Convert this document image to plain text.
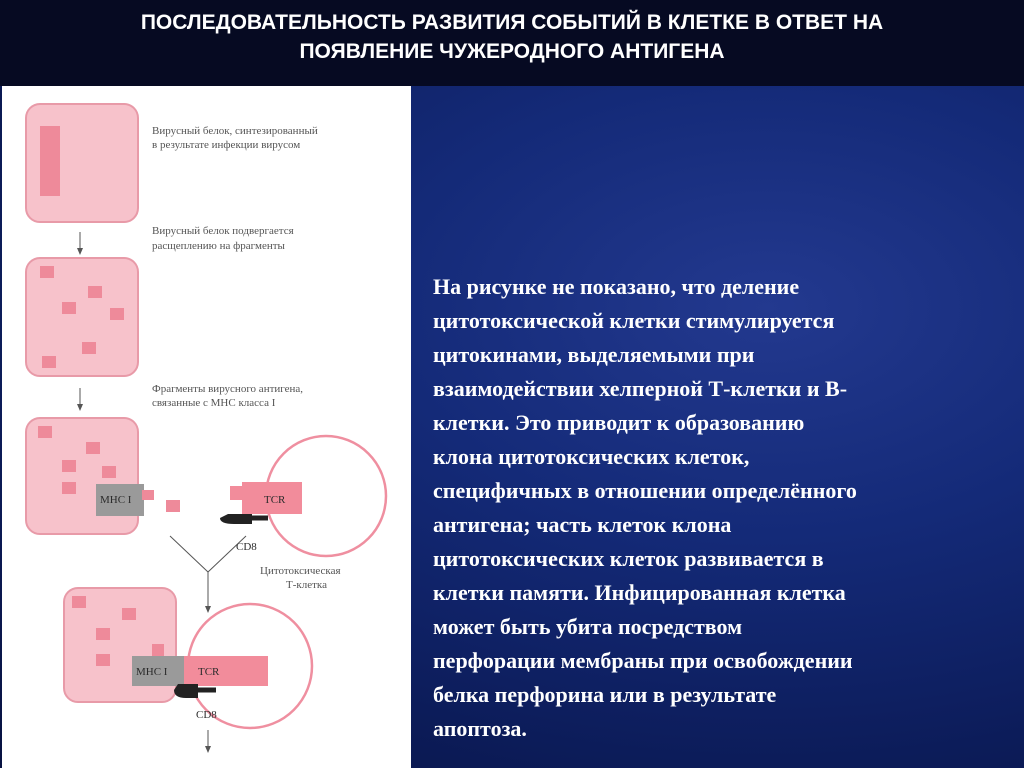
ПОСЛЕДОВАТЕЛЬНОСТЬ РАЗВИТИЯ СОБЫТИЙ В КЛЕТКЕ В ОТВЕТ НА
ПОЯВЛЕНИЕ ЧУЖЕРОДНОГО АНТИГЕНА
Вирусный белок, синтезированный
в результате инфекции вирусом
Вирусный белок подвергается
расщеплению на фрагменты
Фрагменты вирусного антигена,
связанные с МНС класса I
МНС I	TCR
CD8
Цитотоксическая
Т-клетка
МНС I	TCR
CD8
На рисунке не показано, что деление
цитотоксической клетки стимулируется
цитокинами, выделяемыми при
взаимодействии хелперной Т-клетки и В-
клетки. Это приводит к образованию
клона цитотоксических клеток,
специфичных в отношении определённого
антигена; часть клеток клона
цитотоксических клеток развивается в
клетки памяти. Инфицированная клетка
может быть убита посредством
перфорации мембраны при освобождении
белка перфорина или в результате
апоптоза.
